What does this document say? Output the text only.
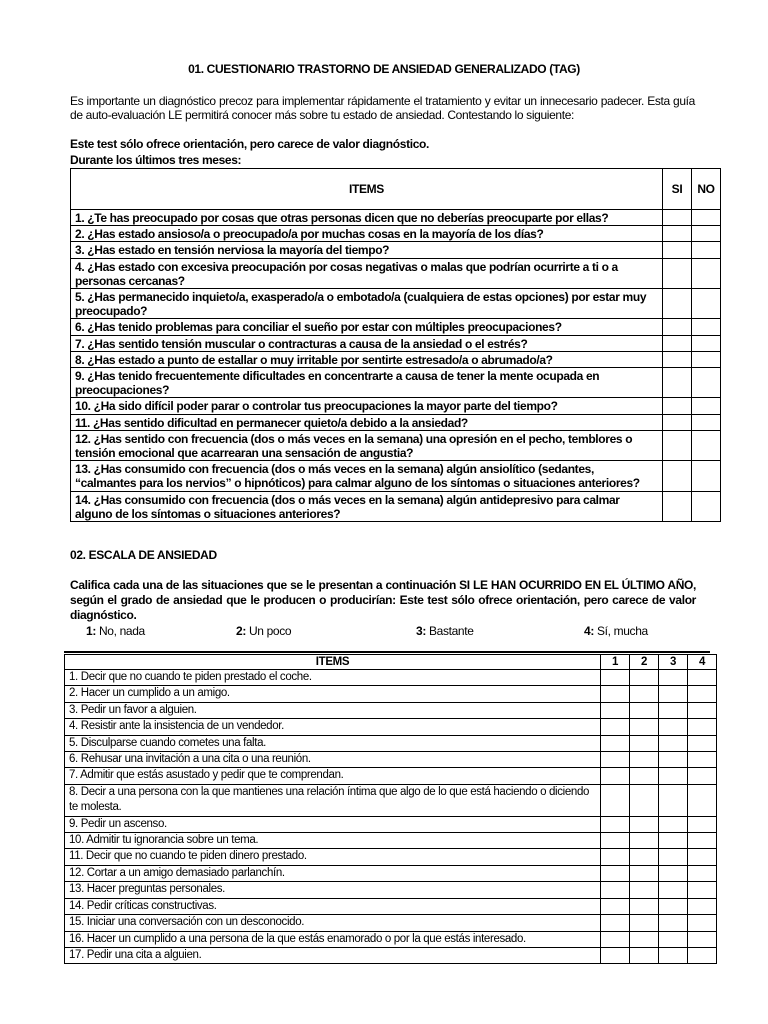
01. CUESTIONARIO TRASTORNO DE ANSIEDAD GENERALIZADO (TAG)
Es importante un diagnóstico precoz para implementar rápidamente el tratamiento y evitar un innecesario padecer. Esta guía de auto-evaluación LE permitirá conocer más sobre tu estado de ansiedad. Contestando lo siguiente:
Este test sólo ofrece orientación, pero carece de valor diagnóstico.
Durante los últimos tres meses:
ITEMS	SI	NO
1. ¿Te has preocupado por cosas que otras personas dicen que no deberías preocuparte por ellas?		
2. ¿Has estado ansioso/a o preocupado/a por muchas cosas en la mayoría de los días?		
3. ¿Has estado en tensión nerviosa la mayoría del tiempo?		
4. ¿Has estado con excesiva preocupación por cosas negativas o malas que podrían ocurrirte a ti o a personas cercanas?		
5. ¿Has permanecido inquieto/a, exasperado/a o embotado/a (cualquiera de estas opciones) por estar muy preocupado?		
6. ¿Has tenido problemas para conciliar el sueño por estar con múltiples preocupaciones?		
7. ¿Has sentido tensión muscular o contracturas a causa de la ansiedad o el estrés?		
8. ¿Has estado a punto de estallar o muy irritable por sentirte estresado/a o abrumado/a?		
9. ¿Has tenido frecuentemente dificultades en concentrarte a causa de tener la mente ocupada en preocupaciones?		
10. ¿Ha sido difícil poder parar o controlar tus preocupaciones la mayor parte del tiempo?		
11. ¿Has sentido dificultad en permanecer quieto/a debido a la ansiedad?		
12. ¿Has sentido con frecuencia (dos o más veces en la semana) una opresión en el pecho, temblores o tensión emocional que acarrearan una sensación de angustia?		
13. ¿Has consumido con frecuencia (dos o más veces en la semana) algún ansiolítico (sedantes, “calmantes para los nervios” o hipnóticos) para calmar alguno de los síntomas o situaciones anteriores?		
14. ¿Has consumido con frecuencia (dos o más veces en la semana) algún antidepresivo para calmar alguno de los síntomas o situaciones anteriores?		
02. ESCALA DE ANSIEDAD
Califica cada una de las situaciones que se le presentan a continuación SI LE HAN OCURRIDO EN EL ÚLTIMO AÑO, según el grado de ansiedad que le producen o producirían: Este test sólo ofrece orientación, pero carece de valor diagnóstico.
1: No, nada	2: Un poco	3: Bastante	4: Sí, mucha
ITEMS	1	2	3	4
1. Decir que no cuando te piden prestado el coche.				
2. Hacer un cumplido a un amigo.				
3. Pedir un favor a alguien.				
4. Resistir ante la insistencia de un vendedor.				
5. Disculparse cuando cometes una falta.				
6. Rehusar una invitación a una cita o una reunión.				
7. Admitir que estás asustado y pedir que te comprendan.				
8. Decir a una persona con la que mantienes una relación íntima que algo de lo que está haciendo o diciendo te molesta.				
9. Pedir un ascenso.				
10. Admitir tu ignorancia sobre un tema.				
11. Decir que no cuando te piden dinero prestado.				
12. Cortar a un amigo demasiado parlanchín.				
13. Hacer preguntas personales.				
14. Pedir críticas constructivas.				
15. Iniciar una conversación con un desconocido.				
16. Hacer un cumplido a una persona de la que estás enamorado o por la que estás interesado.				
17. Pedir una cita a alguien.				
